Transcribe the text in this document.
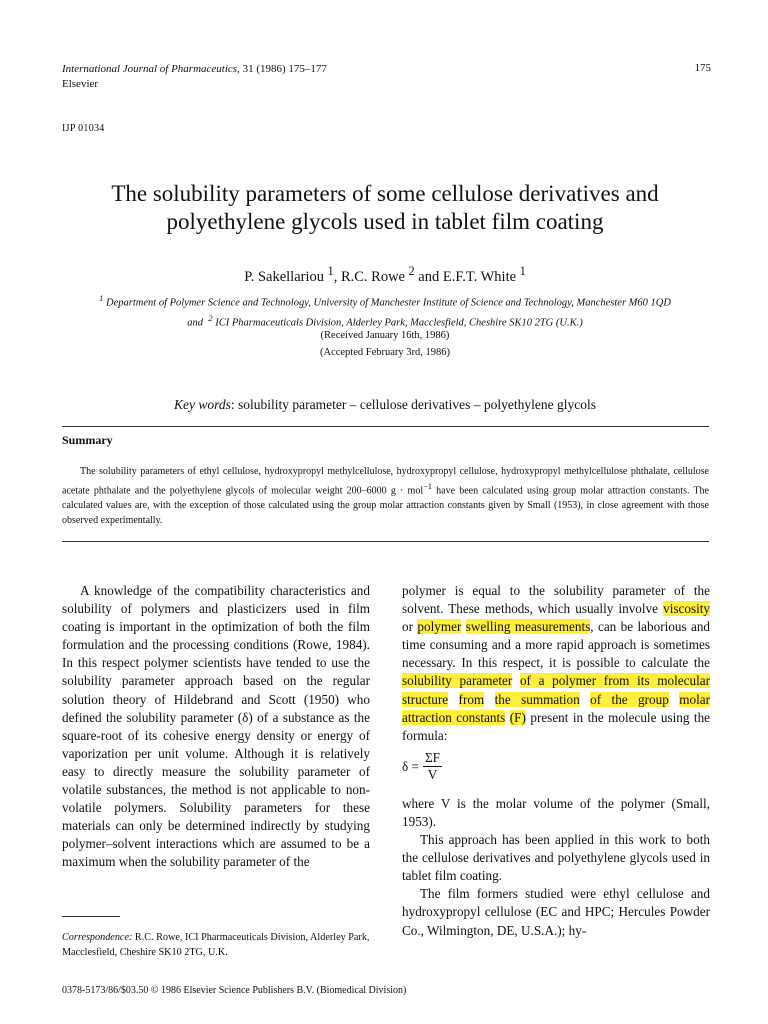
International Journal of Pharmaceutics, 31 (1986) 175–177
Elsevier
175
IJP 01034
The solubility parameters of some cellulose derivatives and polyethylene glycols used in tablet film coating
P. Sakellariou $^1$, R.C. Rowe $^2$ and E.F.T. White $^1$
$^1$ Department of Polymer Science and Technology, University of Manchester Institute of Science and Technology, Manchester M60 1QD
and $^2$ ICI Pharmaceuticals Division, Alderley Park, Macclesfield, Cheshire SK10 2TG (U.K.)
(Received January 16th, 1986)
(Accepted February 3rd, 1986)
Key words: solubility parameter – cellulose derivatives – polyethylene glycols
Summary
The solubility parameters of ethyl cellulose, hydroxypropyl methylcellulose, hydroxypropyl cellulose, hydroxypropyl methylcellulose phthalate, cellulose acetate phthalate and the polyethylene glycols of molecular weight 200–6000 g · mol$^{-1}$ have been calculated using group molar attraction constants. The calculated values are, with the exception of those calculated using the group molar attraction constants given by Small (1953), in close agreement with those observed experimentally.

A knowledge of the compatibility characteristics and solubility of polymers and plasticizers used in film coating is important in the optimization of both the film formulation and the processing conditions (Rowe, 1984). In this respect polymer scientists have tended to use the solubility parameter approach based on the regular solution theory of Hildebrand and Scott (1950) who defined the solubility parameter (δ) of a substance as the square-root of its cohesive energy density or energy of vaporization per unit volume. Although it is relatively easy to directly measure the solubility parameter of volatile substances, the method is not applicable to non-volatile polymers. Solubility parameters for these materials can only be determined indirectly by studying polymer–solvent interactions which are assumed to be a maximum when the solubility parameter of the

polymer is equal to the solubility parameter of the solvent. These methods, which usually involve viscosity or polymer swelling measurements, can be laborious and time consuming and a more rapid approach is sometimes necessary. In this respect, it is possible to calculate the solubility parameter of a polymer from its molecular structure from the summation of the group molar attraction constants (F) present in the molecule using the formula:

$\delta = \frac{\Sigma F}{V}$

where V is the molar volume of the polymer (Small, 1953).

This approach has been applied in this work to both the cellulose derivatives and polyethylene glycols used in tablet film coating.

The film formers studied were ethyl cellulose and hydroxypropyl cellulose (EC and HPC; Hercules Powder Co., Wilmington, DE, U.S.A.); hy-

Correspondence: R.C. Rowe, ICI Pharmaceuticals Division, Alderley Park, Macclesfield, Cheshire SK10 2TG, U.K.
0378-5173/86/$03.50 © 1986 Elsevier Science Publishers B.V. (Biomedical Division)
